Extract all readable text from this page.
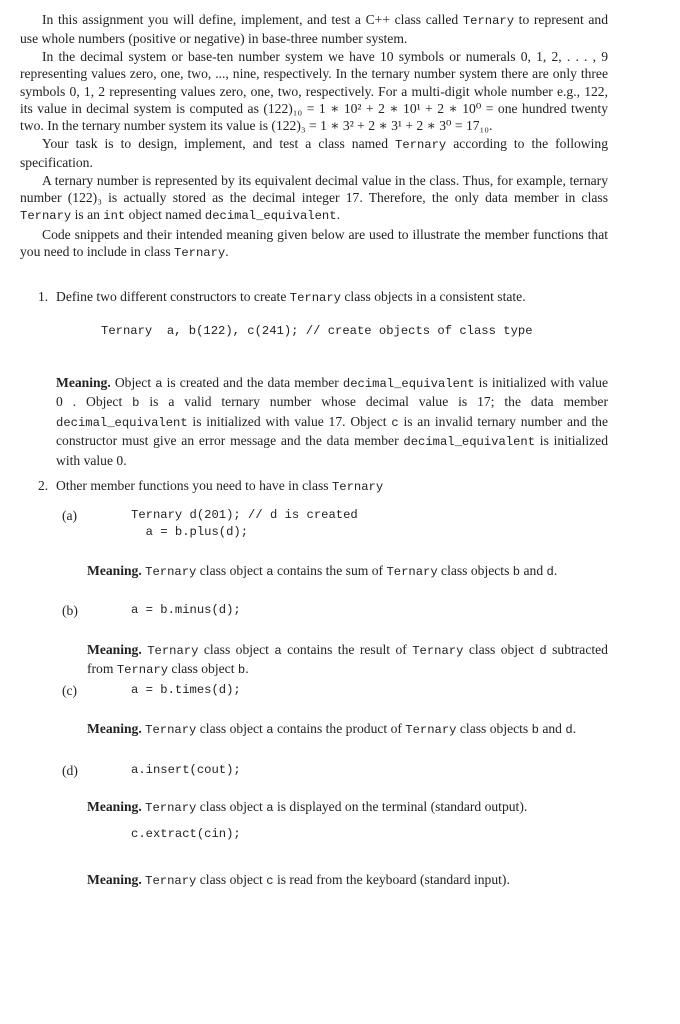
In this assignment you will define, implement, and test a C++ class called Ternary to represent and use whole numbers (positive or negative) in base-three number system.

In the decimal system or base-ten number system we have 10 symbols or numerals 0, 1, 2, . . . , 9 representing values zero, one, two, ..., nine, respectively. In the ternary number system there are only three symbols 0, 1, 2 representing values zero, one, two, respectively. For a multi-digit whole number e.g., 122, its value in decimal system is computed as (122)₁₀ = 1 ∗ 10² + 2 ∗ 10¹ + 2 ∗ 10⁰ = one hundred twenty two. In the ternary number system its value is (122)₃ = 1 ∗ 3² + 2 ∗ 3¹ + 2 ∗ 3⁰ = 17₁₀.

Your task is to design, implement, and test a class named Ternary according to the following specification.

A ternary number is represented by its equivalent decimal value in the class. Thus, for example, ternary number (122)₃ is actually stored as the decimal integer 17. Therefore, the only data member in class Ternary is an int object named decimal_equivalent.

Code snippets and their intended meaning given below are used to illustrate the member functions that you need to include in class Ternary.

1. Define two different constructors to create Ternary class objects in a consistent state.
Ternary  a, b(122), c(241); // create objects of class type
Meaning. Object a is created and the data member decimal_equivalent is initialized with value 0 . Object b is a valid ternary number whose decimal value is 17; the data member decimal_equivalent is initialized with value 17. Object c is an invalid ternary number and the constructor must give an error message and the data member decimal_equivalent is initialized with value 0.
2. Other member functions you need to have in class Ternary
(a)	Ternary d(201); // d is created
a = b.plus(d);
Meaning. Ternary class object a contains the sum of Ternary class objects b and d.
(b)	a = b.minus(d);
Meaning. Ternary class object a contains the result of Ternary class object d subtracted from Ternary class object b.
(c)	a = b.times(d);
Meaning. Ternary class object a contains the product of Ternary class objects b and d.
(d)	a.insert(cout);
Meaning. Ternary class object a is displayed on the terminal (standard output).
c.extract(cin);
Meaning. Ternary class object c is read from the keyboard (standard input).
